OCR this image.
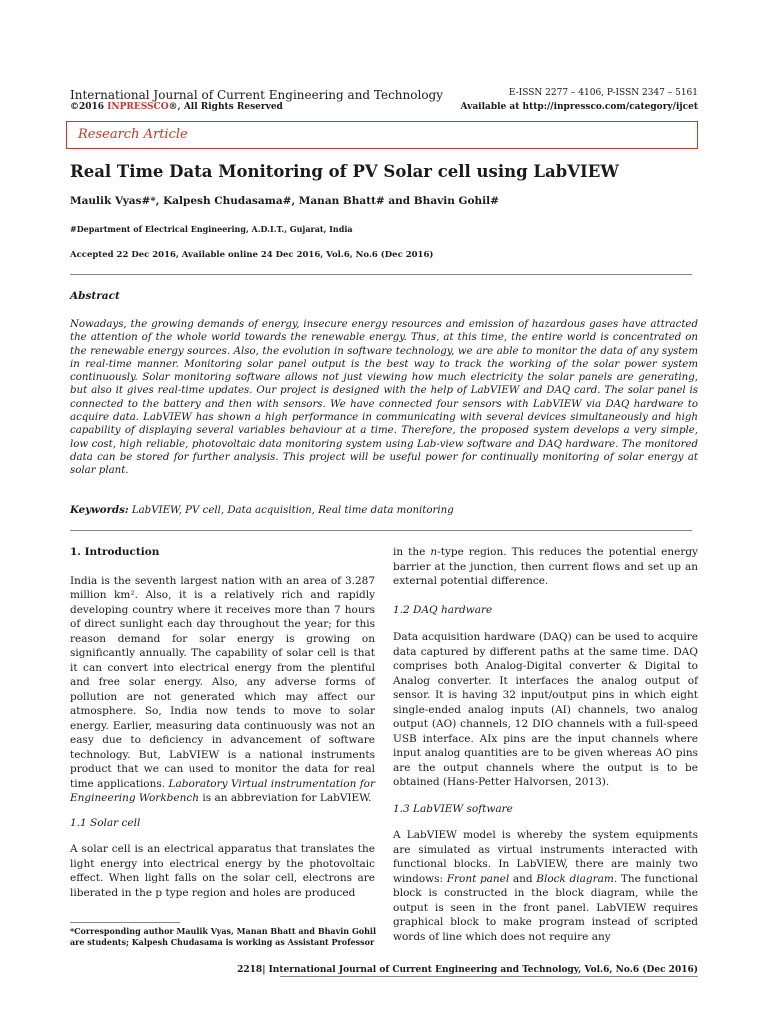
International Journal of Current Engineering and Technology
©2016 INPRESSCO®, All Rights Reserved
E-ISSN 2277 – 4106, P-ISSN 2347 – 5161
Available at http://inpressco.com/category/ijcet
Research Article
Real Time Data Monitoring of PV Solar cell using LabVIEW
Maulik Vyas#*, Kalpesh Chudasama#, Manan Bhatt# and Bhavin Gohil#
#Department of Electrical Engineering, A.D.I.T., Gujarat, India
Accepted 22 Dec 2016, Available online 24 Dec 2016, Vol.6, No.6 (Dec 2016)
Abstract
Nowadays, the growing demands of energy, insecure energy resources and emission of hazardous gases have attracted the attention of the whole world towards the renewable energy. Thus, at this time, the entire world is concentrated on the renewable energy sources. Also, the evolution in software technology, we are able to monitor the data of any system in real-time manner. Monitoring solar panel output is the best way to track the working of the solar power system continuously. Solar monitoring software allows not just viewing how much electricity the solar panels are generating, but also it gives real-time updates. Our project is designed with the help of LabVIEW and DAQ card. The solar panel is connected to the battery and then with sensors. We have connected four sensors with LabVIEW via DAQ hardware to acquire data. LabVIEW has shown a high performance in communicating with several devices simultaneously and high capability of displaying several variables behaviour at a time. Therefore, the proposed system develops a very simple, low cost, high reliable, photovoltaic data monitoring system using Lab-view software and DAQ hardware. The monitored data can be stored for further analysis. This project will be useful power for continually monitoring of solar energy at solar plant.
Keywords: LabVIEW, PV cell, Data acquisition, Real time data monitoring

1. Introduction

India is the seventh largest nation with an area of 3.287 million km². Also, it is a relatively rich and rapidly developing country where it receives more than 7 hours of direct sunlight each day throughout the year; for this reason demand for solar energy is growing on significantly annually. The capability of solar cell is that it can convert into electrical energy from the plentiful and free solar energy. Also, any adverse forms of pollution are not generated which may affect our atmosphere. So, India now tends to move to solar energy. Earlier, measuring data continuously was not an easy due to deficiency in advancement of software technology. But, LabVIEW is a national instruments product that we can used to monitor the data for real time applications. Laboratory Virtual instrumentation for Engineering Workbench is an abbreviation for LabVIEW.

1.1 Solar cell

A solar cell is an electrical apparatus that translates the light energy into electrical energy by the photovoltaic effect. When light falls on the solar cell, electrons are liberated in the p type region and holes are produced

in the n-type region. This reduces the potential energy barrier at the junction, then current flows and set up an external potential difference.

1.2 DAQ hardware

Data acquisition hardware (DAQ) can be used to acquire data captured by different paths at the same time. DAQ comprises both Analog-Digital converter & Digital to Analog converter. It interfaces the analog output of sensor. It is having 32 input/output pins in which eight single-ended analog inputs (AI) channels, two analog output (AO) channels, 12 DIO channels with a full-speed USB interface. AIx pins are the input channels where input analog quantities are to be given whereas AO pins are the output channels where the output is to be obtained (Hans-Petter Halvorsen, 2013).

1.3 LabVIEW software

A LabVIEW model is whereby the system equipments are simulated as virtual instruments interacted with functional blocks. In LabVIEW, there are mainly two windows: Front panel and Block diagram. The functional block is constructed in the block diagram, while the output is seen in the front panel. LabVIEW requires graphical block to make program instead of scripted words of line which does not require any

*Corresponding author Maulik Vyas, Manan Bhatt and Bhavin Gohil are students; Kalpesh Chudasama is working as Assistant Professor
2218| International Journal of Current Engineering and Technology, Vol.6, No.6 (Dec 2016)
